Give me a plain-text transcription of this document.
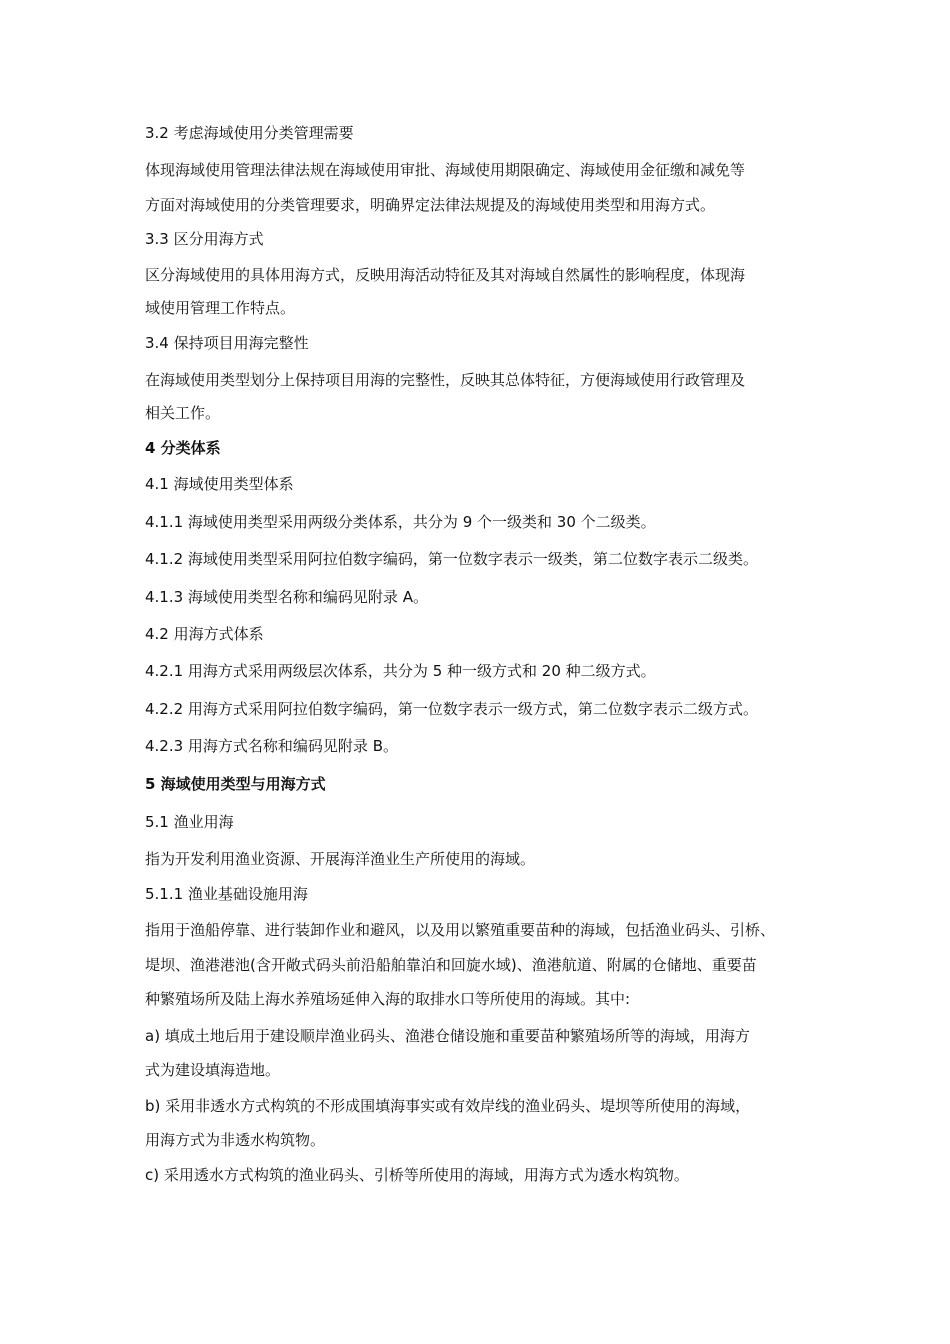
3.2 考虑海域使用分类管理需要
体现海域使用管理法律法规在海域使用审批、海域使用期限确定、海域使用金征缴和减免等
方面对海域使用的分类管理要求，明确界定法律法规提及的海域使用类型和用海方式。
3.3 区分用海方式
区分海域使用的具体用海方式，反映用海活动特征及其对海域自然属性的影响程度，体现海
域使用管理工作特点。
3.4 保持项目用海完整性
在海域使用类型划分上保持项目用海的完整性，反映其总体特征，方便海域使用行政管理及
相关工作。
4 分类体系
4.1 海域使用类型体系
4.1.1 海域使用类型采用两级分类体系，共分为 9 个一级类和 30 个二级类。
4.1.2 海域使用类型采用阿拉伯数字编码，第一位数字表示一级类，第二位数字表示二级类。
4.1.3 海域使用类型名称和编码见附录 A。
4.2 用海方式体系
4.2.1 用海方式采用两级层次体系，共分为 5 种一级方式和 20 种二级方式。
4.2.2 用海方式采用阿拉伯数字编码，第一位数字表示一级方式，第二位数字表示二级方式。
4.2.3 用海方式名称和编码见附录 B。
5 海域使用类型与用海方式
5.1 渔业用海
指为开发利用渔业资源、开展海洋渔业生产所使用的海域。
5.1.1 渔业基础设施用海
指用于渔船停靠、进行装卸作业和避风，以及用以繁殖重要苗种的海域，包括渔业码头、引桥、
堤坝、渔港港池(含开敞式码头前沿船舶靠泊和回旋水域)、渔港航道、附属的仓储地、重要苗
种繁殖场所及陆上海水养殖场延伸入海的取排水口等所使用的海域。其中:
a) 填成土地后用于建设顺岸渔业码头、渔港仓储设施和重要苗种繁殖场所等的海域，用海方
式为建设填海造地。
b) 采用非透水方式构筑的不形成围填海事实或有效岸线的渔业码头、堤坝等所使用的海域，
用海方式为非透水构筑物。
c) 采用透水方式构筑的渔业码头、引桥等所使用的海域，用海方式为透水构筑物。
